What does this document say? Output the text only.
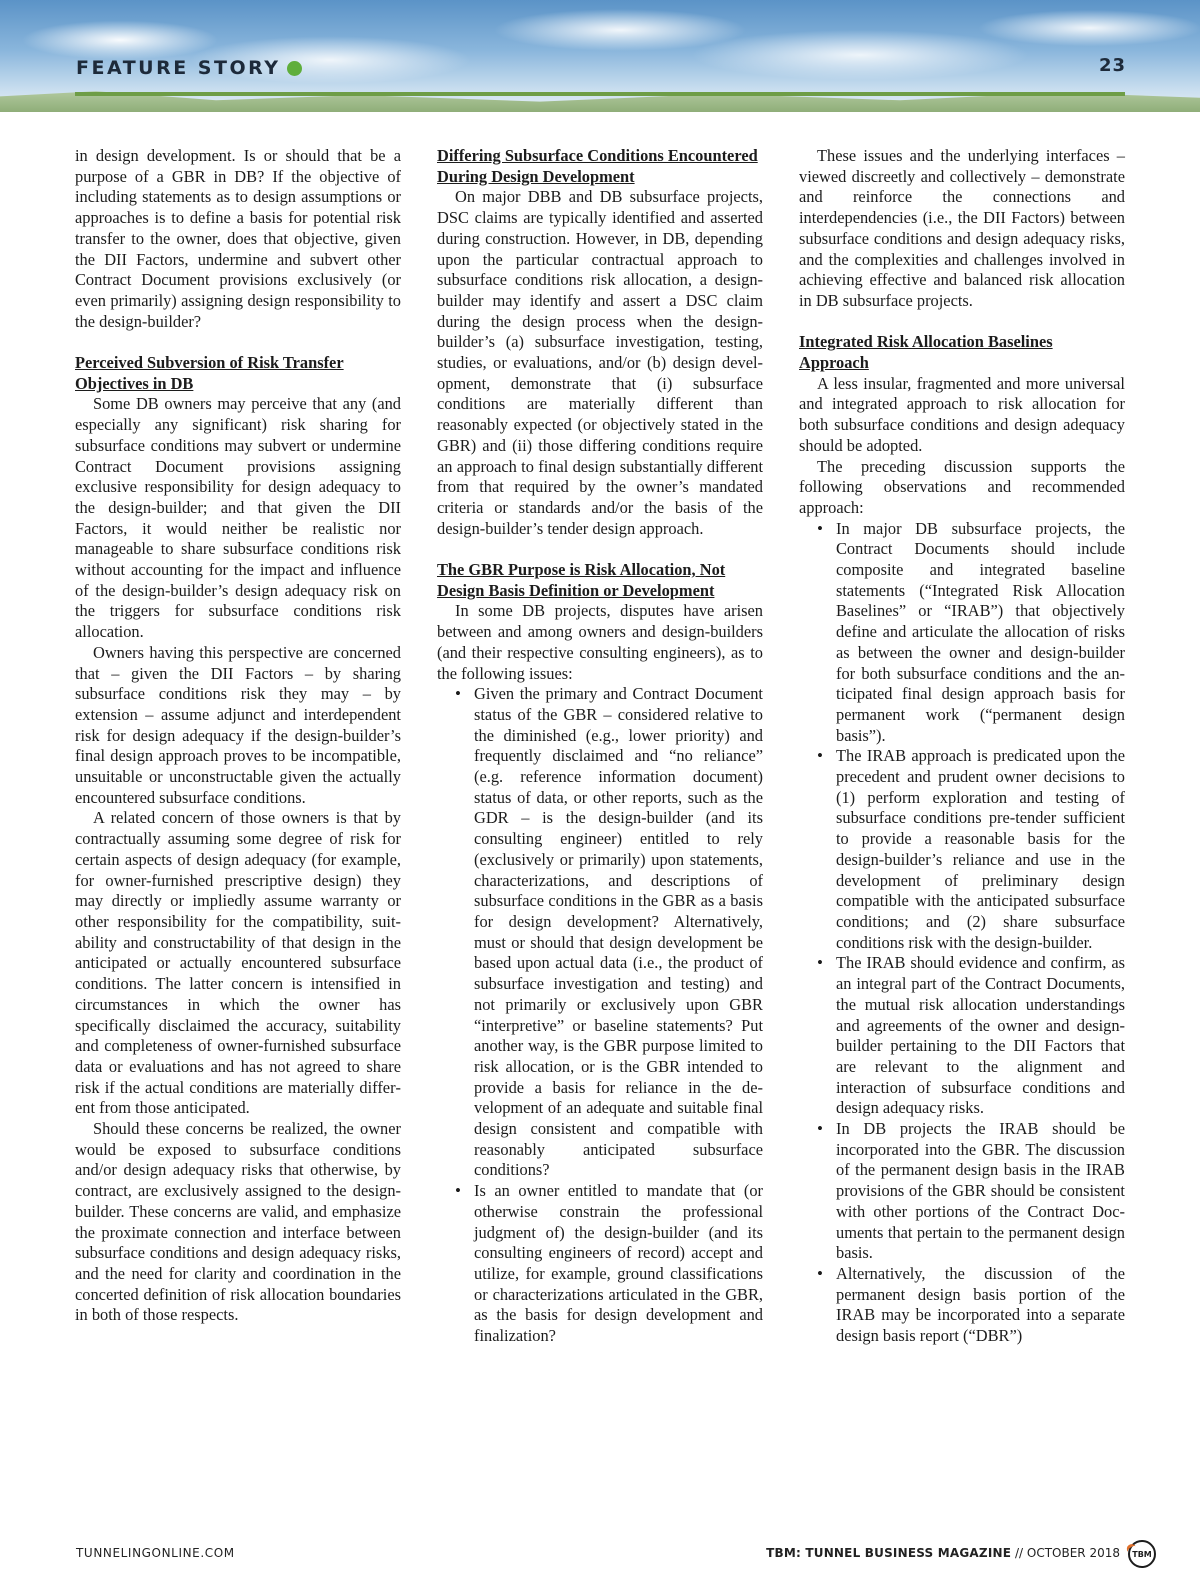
FEATURE STORY	23

in design development. Is or should that be a purpose of a GBR in DB? If the objective of including statements as to design assumptions or approaches is to define a basis for potential risk transfer to the owner, does that objective, given the DII Factors, undermine and subvert other Contract Document provisions exclusively (or even primarily) assigning design responsibility to the design-builder?

Perceived Subversion of Risk Transfer Objectives in DB

Some DB owners may perceive that any (and especially any significant) risk sharing for subsurface conditions may subvert or undermine Contract Document provisions assigning exclusive responsibility for design adequacy to the design-builder; and that given the DII Factors, it would neither be realistic nor manageable to share subsurface conditions risk without accounting for the impact and influence of the design-builder’s design adequacy risk on the triggers for subsurface conditions risk allocation.

Owners having this perspective are concerned that – given the DII Factors – by sharing subsurface conditions risk they may – by extension – assume adjunct and interdependent risk for design adequacy if the design-builder’s final design approach proves to be incompatible, unsuitable or unconstructable given the actually encountered subsurface conditions.

A related concern of those owners is that by contractually assuming some degree of risk for certain aspects of design adequacy (for example, for owner-furnished prescriptive design) they may directly or impliedly assume warranty or other responsibility for the compatibility, suitability and constructability of that design in the anticipated or actually encountered subsurface conditions. The latter concern is intensified in circumstances in which the owner has specifically disclaimed the accuracy, suitability and completeness of owner-furnished subsurface data or evaluations and has not agreed to share risk if the actual conditions are materially different from those anticipated.

Should these concerns be realized, the owner would be exposed to subsurface conditions and/or design adequacy risks that otherwise, by contract, are exclusively assigned to the design-builder. These concerns are valid, and emphasize the proximate connection and interface between subsurface conditions and design adequacy risks, and the need for clarity and coordination in the concerted definition of risk allocation boundaries in both of those respects.

Differing Subsurface Conditions Encountered During Design Development

On major DBB and DB subsurface projects, DSC claims are typically identified and asserted during construction. However, in DB, depending upon the particular contractual approach to subsurface conditions risk allocation, a design-builder may identify and assert a DSC claim during the design process when the design-builder’s (a) subsurface investigation, testing, studies, or evaluations, and/or (b) design development, demonstrate that (i) subsurface conditions are materially different than reasonably expected (or objectively stated in the GBR) and (ii) those differing conditions require an approach to final design substantially different from that required by the owner’s mandated criteria or standards and/or the basis of the design-builder’s tender design approach.

The GBR Purpose is Risk Allocation, Not Design Basis Definition or Development

In some DB projects, disputes have arisen between and among owners and design-builders (and their respective consulting engineers), as to the following issues:

• Given the primary and Contract Document status of the GBR – considered relative to the diminished (e.g., lower priority) and frequently disclaimed and “no reliance” (e.g. reference information document) status of data, or other reports, such as the GDR – is the design-builder (and its consulting engineer) entitled to rely (exclusively or primarily) upon statements, characterizations, and descriptions of subsurface conditions in the GBR as a basis for design development? Alternatively, must or should that design development be based upon actual data (i.e., the product of subsurface investigation and testing) and not primarily or exclusively upon GBR “interpretive” or baseline statements? Put another way, is the GBR purpose limited to risk allocation, or is the GBR intended to provide a basis for reliance in the development of an adequate and suitable final design consistent and compatible with reasonably anticipated subsurface conditions?
• Is an owner entitled to mandate that (or otherwise constrain the professional judgment of) the design-builder (and its consulting engineers of record) accept and utilize, for example, ground classifications or characterizations articulated in the GBR, as the basis for design development and finalization?

These issues and the underlying interfaces – viewed discreetly and collectively – demonstrate and reinforce the connections and interdependencies (i.e., the DII Factors) between subsurface conditions and design adequacy risks, and the complexities and challenges involved in achieving effective and balanced risk allocation in DB subsurface projects.

Integrated Risk Allocation Baselines Approach

A less insular, fragmented and more universal and integrated approach to risk allocation for both subsurface conditions and design adequacy should be adopted.

The preceding discussion supports the following observations and recommended approach:

• In major DB subsurface projects, the Contract Documents should include composite and integrated baseline statements (“Integrated Risk Allocation Baselines” or “IRAB”) that objectively define and articulate the allocation of risks as between the owner and design-builder for both subsurface conditions and the anticipated final design approach basis for permanent work (“permanent design basis”).
• The IRAB approach is predicated upon the precedent and prudent owner decisions to (1) perform exploration and testing of subsurface conditions pre-tender sufficient to provide a reasonable basis for the design-builder’s reliance and use in the development of preliminary design compatible with the anticipated subsurface conditions; and (2) share subsurface conditions risk with the design-builder.
• The IRAB should evidence and confirm, as an integral part of the Contract Documents, the mutual risk allocation understandings and agreements of the owner and design-builder pertaining to the DII Factors that are relevant to the alignment and interaction of subsurface conditions and design adequacy risks.
• In DB projects the IRAB should be incorporated into the GBR. The discussion of the permanent design basis in the IRAB provisions of the GBR should be consistent with other portions of the Contract Documents that pertain to the permanent design basis.
• Alternatively, the discussion of the permanent design basis portion of the IRAB may be incorporated into a separate design basis report (“DBR”)
TUNNELINGONLINE.COM	TBM: TUNNEL BUSINESS MAGAZINE // OCTOBER 2018 TBM
